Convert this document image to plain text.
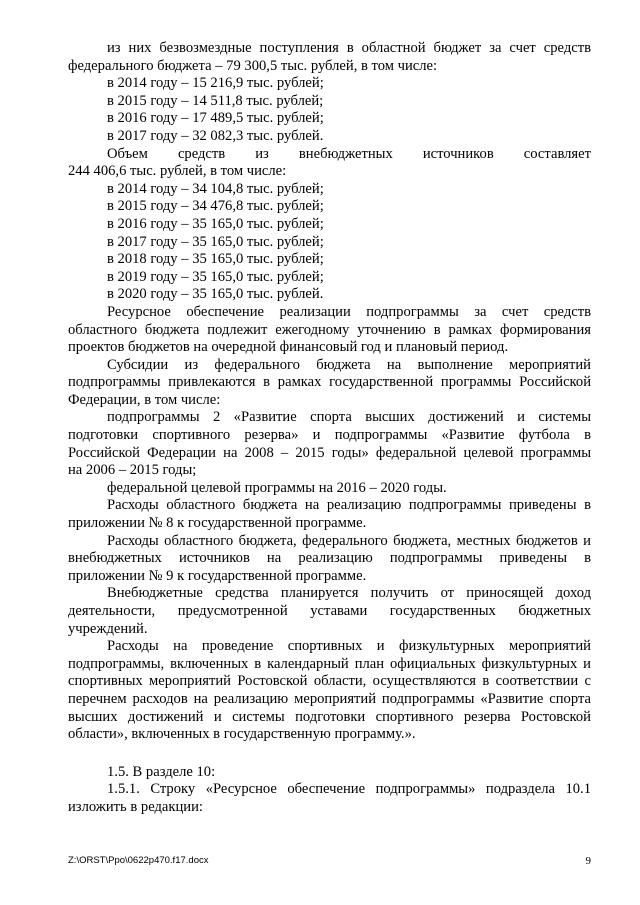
из них безвозмездные поступления в областной бюджет за счет средств
федерального бюджета – 79 300,5 тыс. рублей, в том числе:
в 2014 году – 15 216,9 тыс. рублей;
в 2015 году – 14 511,8 тыс. рублей;
в 2016 году – 17 489,5 тыс. рублей;
в 2017 году – 32 082,3 тыс. рублей.
Объем средств из внебюджетных источников составляет
244 406,6 тыс. рублей, в том числе:
в 2014 году – 34 104,8 тыс. рублей;
в 2015 году – 34 476,8 тыс. рублей;
в 2016 году – 35 165,0 тыс. рублей;
в 2017 году – 35 165,0 тыс. рублей;
в 2018 году – 35 165,0 тыс. рублей;
в 2019 году – 35 165,0 тыс. рублей;
в 2020 году – 35 165,0 тыс. рублей.
Ресурсное обеспечение реализации подпрограммы за счет средств
областного бюджета подлежит ежегодному уточнению в рамках формирования
проектов бюджетов на очередной финансовый год и плановый период.
Субсидии из федерального бюджета на выполнение мероприятий
подпрограммы привлекаются в рамках государственной программы Российской
Федерации, в том числе:
подпрограммы 2 «Развитие спорта высших достижений и системы
подготовки спортивного резерва» и подпрограммы «Развитие футбола в
Российской Федерации на 2008 – 2015 годы» федеральной целевой программы
на 2006 – 2015 годы;
федеральной целевой программы на 2016 – 2020 годы.
Расходы областного бюджета на реализацию подпрограммы приведены в
приложении № 8 к государственной программе.
Расходы областного бюджета, федерального бюджета, местных бюджетов и
внебюджетных источников на реализацию подпрограммы приведены в
приложении № 9 к государственной программе.
Внебюджетные средства планируется получить от приносящей доход
деятельности, предусмотренной уставами государственных бюджетных
учреждений.
Расходы на проведение спортивных и физкультурных мероприятий
подпрограммы, включенных в календарный план официальных физкультурных и
спортивных мероприятий Ростовской области, осуществляются в соответствии с
перечнем расходов на реализацию мероприятий подпрограммы «Развитие спорта
высших достижений и системы подготовки спортивного резерва Ростовской
области», включенных в государственную программу.».
1.5. В разделе 10:
1.5.1. Строку «Ресурсное обеспечение подпрограммы» подраздела 10.1
изложить в редакции:
Z:\ORST\Ppo\0622p470.f17.docx	9
